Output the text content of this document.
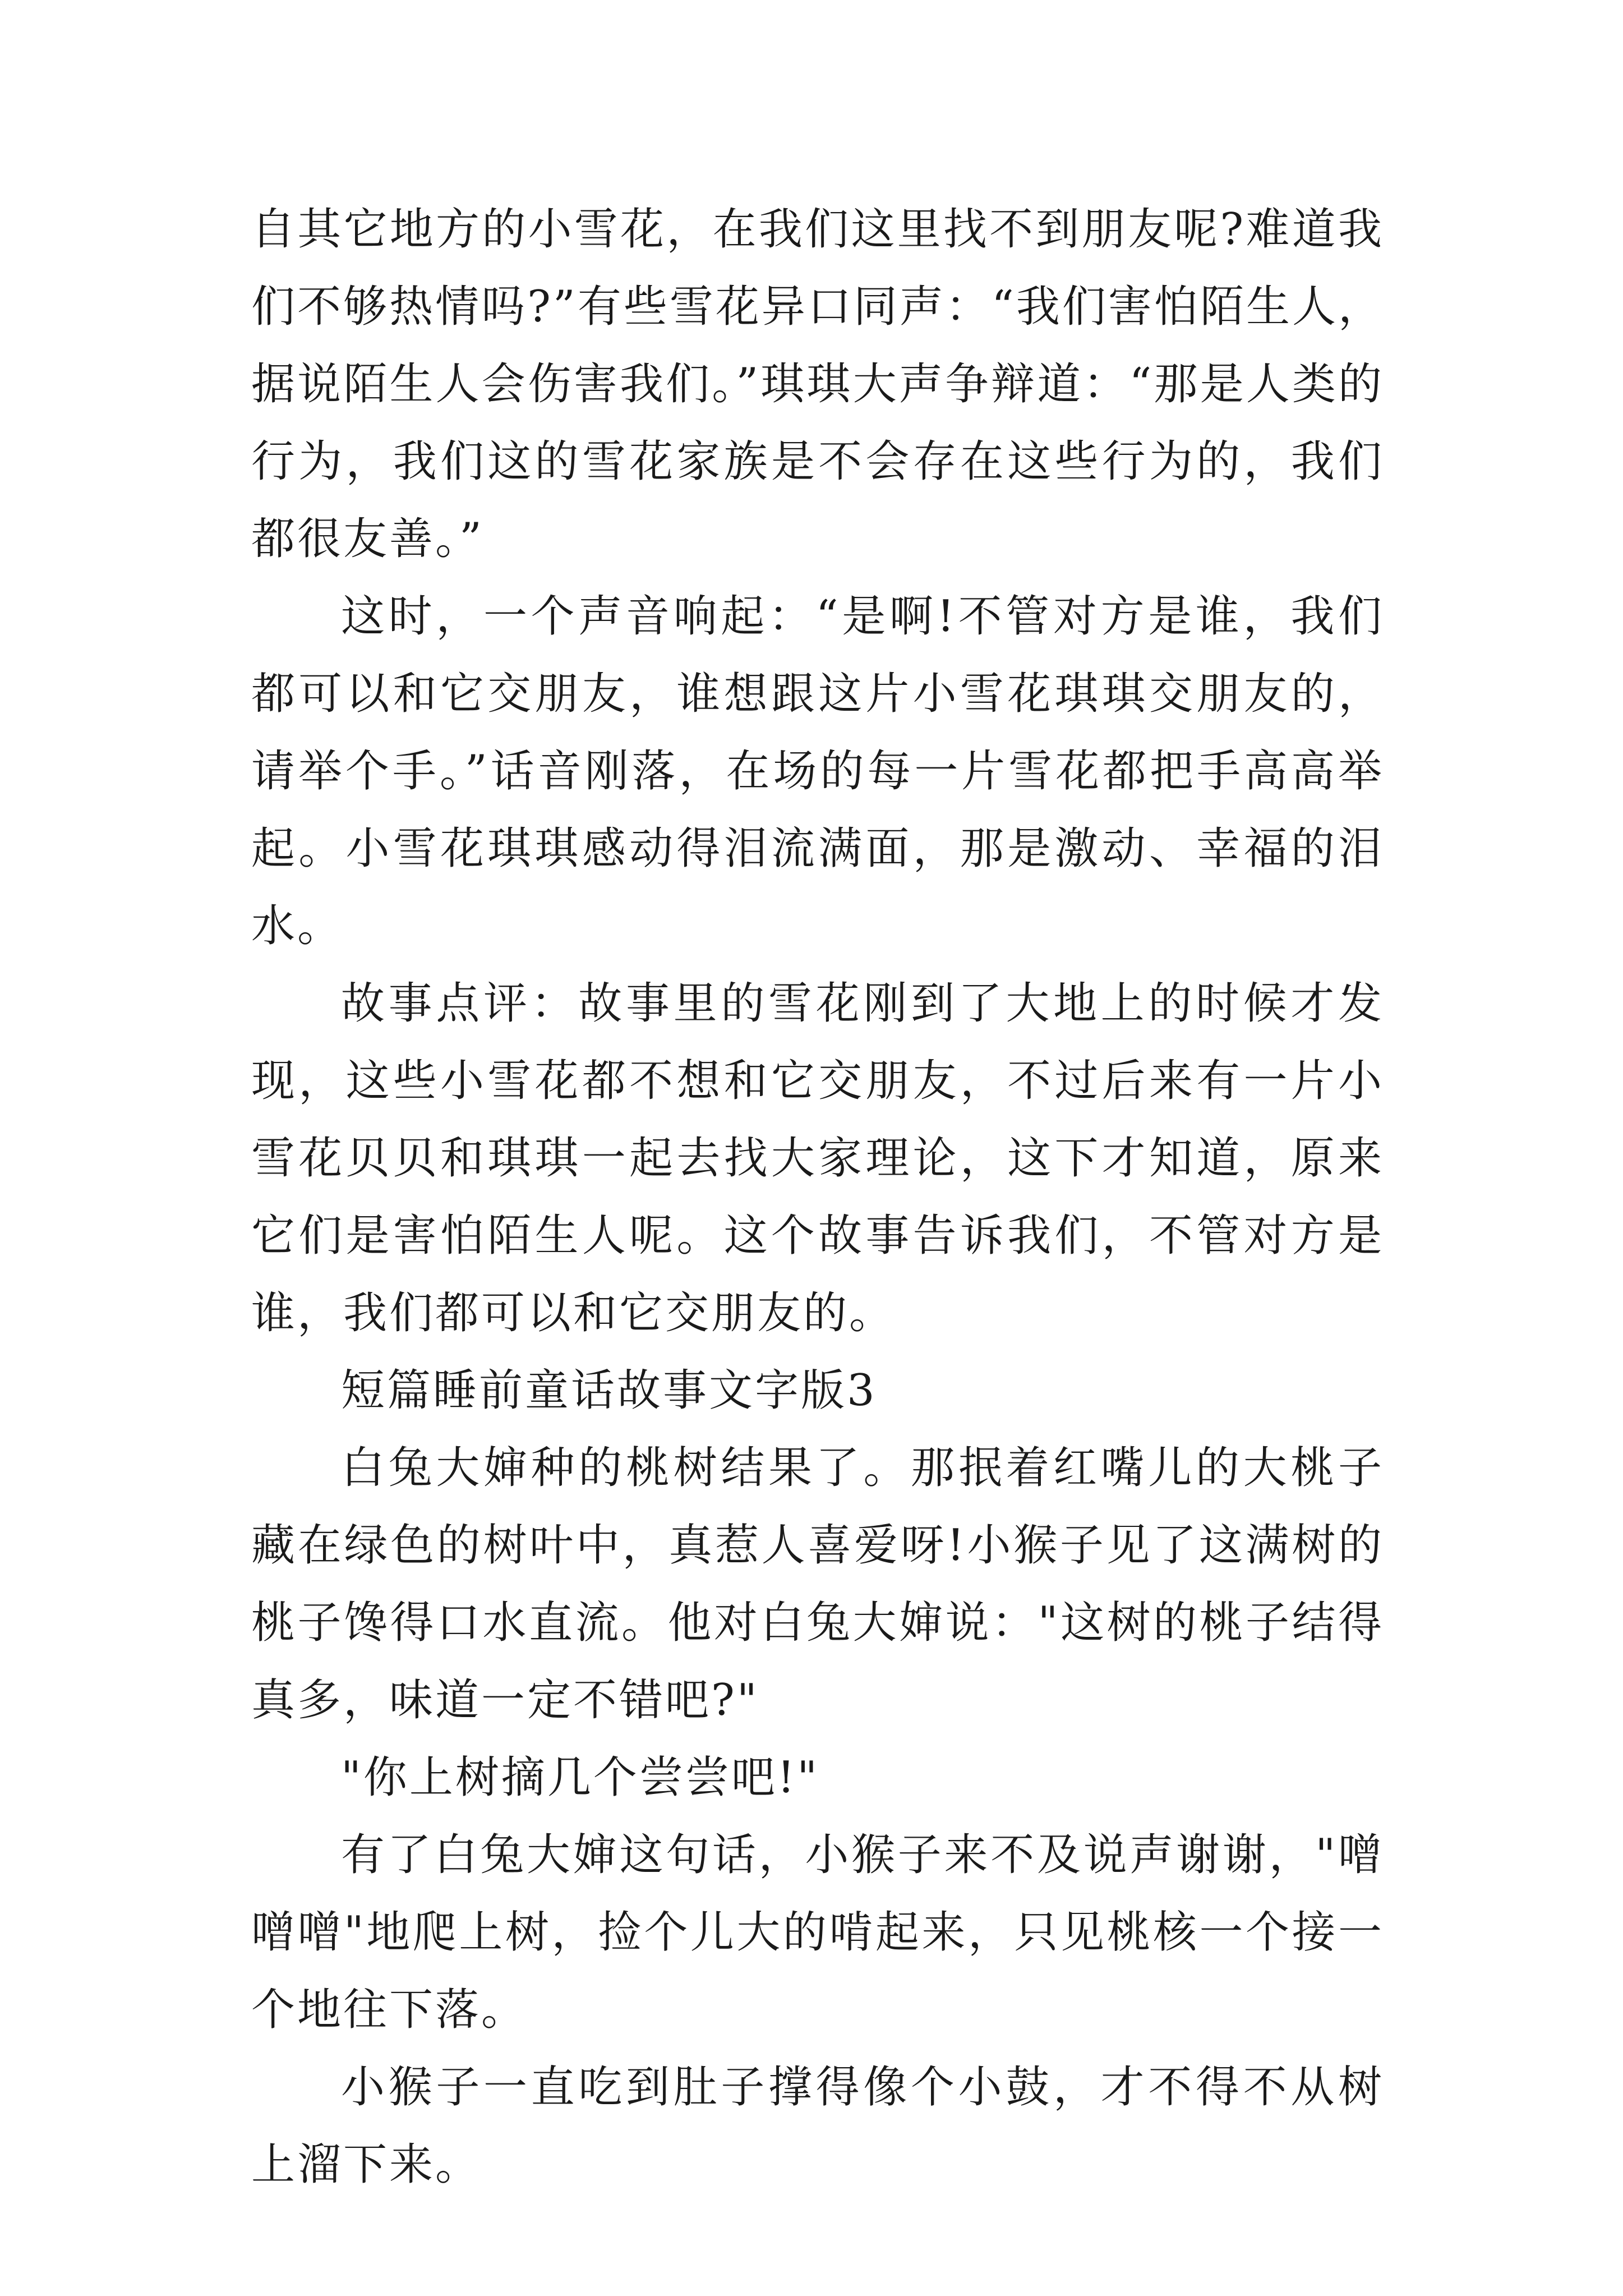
自其它地方的小雪花，在我们这里找不到朋友呢?难道我们不够热情吗?”有些雪花异口同声：“我们害怕陌生人，据说陌生人会伤害我们。”琪琪大声争辩道：“那是人类的行为，我们这的雪花家族是不会存在这些行为的，我们都很友善。”

这时，一个声音响起：“是啊!不管对方是谁，我们都可以和它交朋友，谁想跟这片小雪花琪琪交朋友的，请举个手。”话音刚落，在场的每一片雪花都把手高高举起。小雪花琪琪感动得泪流满面，那是激动、幸福的泪水。

故事点评：故事里的雪花刚到了大地上的时候才发现，这些小雪花都不想和它交朋友，不过后来有一片小雪花贝贝和琪琪一起去找大家理论，这下才知道，原来它们是害怕陌生人呢。这个故事告诉我们，不管对方是谁，我们都可以和它交朋友的。

短篇睡前童话故事文字版3

白兔大婶种的桃树结果了。那抿着红嘴儿的大桃子藏在绿色的树叶中，真惹人喜爱呀!小猴子见了这满树的桃子馋得口水直流。他对白兔大婶说："这树的桃子结得真多，味道一定不错吧?"

"你上树摘几个尝尝吧!"

有了白兔大婶这句话，小猴子来不及说声谢谢，"噌噌噌"地爬上树，捡个儿大的啃起来，只见桃核一个接一个地往下落。

小猴子一直吃到肚子撑得像个小鼓，才不得不从树上溜下来。
